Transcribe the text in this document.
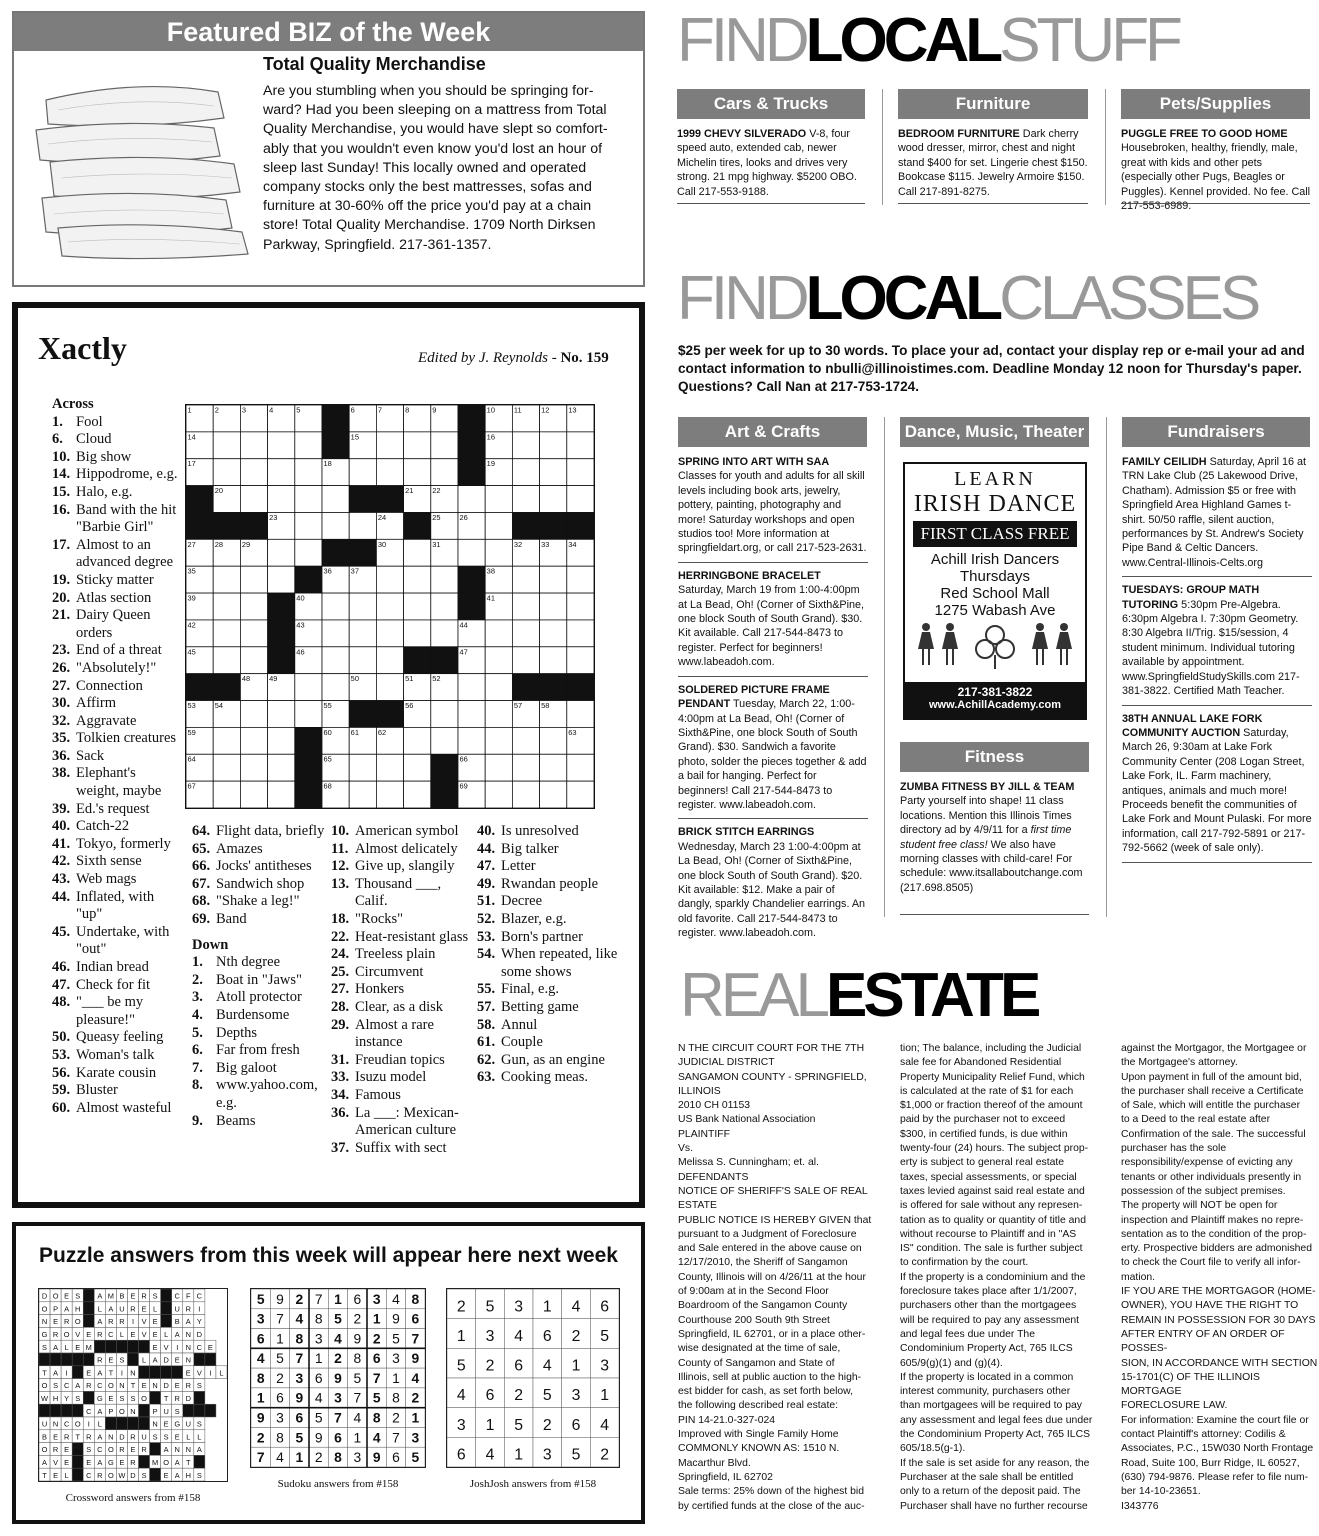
Featured BIZ of the Week
Total Quality Merchandise
Are you stumbling when you should be springing for-ward? Had you been sleeping on a mattress from Total Quality Merchandise, you would have slept so comfort-ably that you wouldn't even know you'd lost an hour of sleep last Sunday! This locally owned and operated company stocks only the best mattresses, sofas and furniture at 30-60% off the price you'd pay at a chain store! Total Quality Merchandise. 1709 North Dirksen Parkway, Springfield. 217-361-1357.
Xactly	Edited by J. Reynolds - No. 159
Across
1. Fool
6. Cloud
10. Big show
14. Hippodrome, e.g.
15. Halo, e.g.
16. Band with the hit "Barbie Girl"
17. Almost to an advanced degree
19. Sticky matter
20. Atlas section
21. Dairy Queen orders
23. End of a threat
26. "Absolutely!"
27. Connection
30. Affirm
32. Aggravate
35. Tolkien creatures
36. Sack
38. Elephant's weight, maybe
39. Ed.'s request
40. Catch-22
41. Tokyo, formerly
42. Sixth sense
43. Web mags
44. Inflated, with "up"
45. Undertake, with "out"
46. Indian bread
47. Check for fit
48. "___ be my pleasure!"
50. Queasy feeling
53. Woman's talk
56. Karate cousin
59. Bluster
60. Almost wasteful
64. Flight data, briefly
65. Amazes
66. Jocks' antitheses
67. Sandwich shop
68. "Shake a leg!"
69. Band
Down
1. Nth degree
2. Boat in "Jaws"
3. Atoll protector
4. Burdensome
5. Depths
6. Far from fresh
7. Big galoot
8. www.yahoo.com, e.g.
9. Beams
10. American symbol
11. Almost delicately
12. Give up, slangily
13. Thousand ___, Calif.
18. "Rocks"
22. Heat-resistant glass
24. Treeless plain
25. Circumvent
27. Honkers
28. Clear, as a disk
29. Almost a rare instance
31. Freudian topics
33. Isuzu model
34. Famous
36. La ___: Mexican-American culture
37. Suffix with sect
40. Is unresolved
44. Big talker
47. Letter
49. Rwandan people
51. Decree
52. Blazer, e.g.
53. Born's partner
54. When repeated, like some shows
55. Final, e.g.
57. Betting game
58. Annul
61. Couple
62. Gun, as an engine
63. Cooking meas.
1	2	3	4	5	6	7	8	9	10	11	12	13
14	15	16
17	18	19
20	21	22
23	24	25	26
27	28	29	30	31	32	33	34
35	36	37	38
39	40	41
42	43	44
45	46	47
48	49	50	51	52
53	54	55	56	57	58
59	60	61	62	63
64	65	66
67	68	69
Puzzle answers from this week will appear here next week
D O E S A M B E R S C F C
O P A H L A U R E L U R I
N E R O A R R I V E B A Y
G R O V E R C L E V E L A N D
S A L E M	E V I N C E
R E S L A D E N
T A I E A T I N	E V I L
O S C A R C O N T E N D E R S
W H Y S G E S S O T R D
C A P O N P U S
U N C O I L	N E G U S
B E R T R A N D R U S S E L L
O R E S C O R E R A N N A
A V E E A G E R M O A T
T E L C R O W D S E A H S
Crossword answers from #158
5 9 2 7 1 6 3 4 8
3 7 4 8 5 2 1 9 6
6 1 8 3 4 9 2 5 7
4 5 7 1 2 8 6 3 9
8 2 3 6 9 5 7 1 4
1 6 9 4 3 7 5 8 2
9 3 6 5 7 4 8 2 1
2 8 5 9 6 1 4 7 3
7 4 1 2 8 3 9 6 5
Sudoku answers from #158
2 5 3 1 4 6
1 3 4 6 2 5
5 2 6 4 1 3
4 6 2 5 3 1
3 1 5 2 6 4
6 4 1 3 5 2
JoshJosh answers from #158
FINDLOCALSTUFF
Cars & Trucks
1999 CHEVY SILVERADO V-8, four speed auto, extended cab, newer Michelin tires, looks and drives very strong. 21 mpg highway. $5200 OBO. Call 217-553-9188.
Furniture
BEDROOM FURNITURE Dark cherry wood dresser, mirror, chest and night stand $400 for set. Lingerie chest $150. Bookcase $115. Jewelry Armoire $150. Call 217-891-8275.
Pets/Supplies
PUGGLE FREE TO GOOD HOME Housebroken, healthy, friendly, male, great with kids and other pets (especially other Pugs, Beagles or Puggles). Kennel provided. No fee. Call 217-553-6989.
FINDLOCALCLASSES
$25 per week for up to 30 words. To place your ad, contact your display rep or e-mail your ad and contact information to nbulli@illinoistimes.com. Deadline Monday 12 noon for Thursday's paper. Questions? Call Nan at 217-753-1724.
Art & Crafts
SPRING INTO ART WITH SAA Classes for youth and adults for all skill levels including book arts, jewelry, pottery, painting, photography and more! Saturday workshops and open studios too! More information at springfieldart.org, or call 217-523-2631.
HERRINGBONE BRACELET Saturday, March 19 from 1:00-4:00pm at La Bead, Oh! (Corner of Sixth&Pine, one block South of South Grand). $30. Kit available. Call 217-544-8473 to register. Perfect for beginners! www.labeadoh.com.
SOLDERED PICTURE FRAME PENDANT Tuesday, March 22, 1:00-4:00pm at La Bead, Oh! (Corner of Sixth&Pine, one block South of South Grand). $30. Sandwich a favorite photo, solder the pieces together & add a bail for hanging. Perfect for beginners! Call 217-544-8473 to register. www.labeadoh.com.
BRICK STITCH EARRINGS Wednesday, March 23 1:00-4:00pm at La Bead, Oh! (Corner of Sixth&Pine, one block South of South Grand). $20. Kit available: $12. Make a pair of dangly, sparkly Chandelier earrings. An old favorite. Call 217-544-8473 to register. www.labeadoh.com.
Dance, Music, Theater
LEARN
IRISH DANCE
FIRST CLASS FREE
Achill Irish Dancers
Thursdays
Red School Mall
1275 Wabash Ave
217-381-3822
www.AchillAcademy.com
Fitness
ZUMBA FITNESS BY JILL & TEAM Party yourself into shape! 11 class locations. Mention this Illinois Times directory ad by 4/9/11 for a first time student free class! We also have morning classes with child-care! For schedule: www.itsallaboutchange.com (217.698.8505)
Fundraisers
FAMILY CEILIDH Saturday, April 16 at TRN Lake Club (25 Lakewood Drive, Chatham). Admission $5 or free with Springfield Area Highland Games t-shirt. 50/50 raffle, silent auction, performances by St. Andrew's Society Pipe Band & Celtic Dancers. www.Central-Illinois-Celts.org
TUESDAYS: GROUP MATH TUTORING 5:30pm Pre-Algebra. 6:30pm Algebra I. 7:30pm Geometry. 8:30 Algebra II/Trig. $15/session, 4 student minimum. Individual tutoring available by appointment. www.SpringfieldStudySkills.com 217-381-3822. Certified Math Teacher.
38TH ANNUAL LAKE FORK COMMUNITY AUCTION Saturday, March 26, 9:30am at Lake Fork Community Center (208 Logan Street, Lake Fork, IL. Farm machinery, antiques, animals and much more! Proceeds benefit the communities of Lake Fork and Mount Pulaski. For more information, call 217-792-5891 or 217-792-5662 (week of sale only).
REALESTATE
N THE CIRCUIT COURT FOR THE 7TH
JUDICIAL DISTRICT
SANGAMON COUNTY - SPRINGFIELD,
ILLINOIS
2010 CH 01153
US Bank National Association
PLAINTIFF
Vs.
Melissa S. Cunningham; et. al.
DEFENDANTS
NOTICE OF SHERIFF'S SALE OF REAL
ESTATE
PUBLIC NOTICE IS HEREBY GIVEN that
pursuant to a Judgment of Foreclosure
and Sale entered in the above cause on
12/17/2010, the Sheriff of Sangamon
County, Illinois will on 4/26/11 at the hour
of 9:00am at in the Second Floor
Boardroom of the Sangamon County
Courthouse 200 South 9th Street
Springfield, IL 62701, or in a place other-
wise designated at the time of sale,
County of Sangamon and State of
Illinois, sell at public auction to the high-
est bidder for cash, as set forth below,
the following described real estate:
PIN 14-21.0-327-024
Improved with Single Family Home
COMMONLY KNOWN AS: 1510 N.
Macarthur Blvd.
Springfield, IL 62702
Sale terms: 25% down of the highest bid
by certified funds at the close of the auc-
tion; The balance, including the Judicial
sale fee for Abandoned Residential
Property Municipality Relief Fund, which
is calculated at the rate of $1 for each
$1,000 or fraction thereof of the amount
paid by the purchaser not to exceed
$300, in certified funds, is due within
twenty-four (24) hours. The subject prop-
erty is subject to general real estate
taxes, special assessments, or special
taxes levied against said real estate and
is offered for sale without any represen-
tation as to quality or quantity of title and
without recourse to Plaintiff and in "AS
IS" condition. The sale is further subject
to confirmation by the court.
If the property is a condominium and the
foreclosure takes place after 1/1/2007,
purchasers other than the mortgagees
will be required to pay any assessment
and legal fees due under The
Condominium Property Act, 765 ILCS
605/9(g)(1) and (g)(4).
If the property is located in a common
interest community, purchasers other
than mortgagees will be required to pay
any assessment and legal fees due under
the Condominium Property Act, 765 ILCS
605/18.5(g-1).
If the sale is set aside for any reason, the
Purchaser at the sale shall be entitled
only to a return of the deposit paid. The
Purchaser shall have no further recourse
against the Mortgagor, the Mortgagee or
the Mortgagee's attorney.
Upon payment in full of the amount bid,
the purchaser shall receive a Certificate
of Sale, which will entitle the purchaser
to a Deed to the real estate after
Confirmation of the sale. The successful
purchaser has the sole
responsibility/expense of evicting any
tenants or other individuals presently in
possession of the subject premises.
The property will NOT be open for
inspection and Plaintiff makes no repre-
sentation as to the condition of the prop-
erty. Prospective bidders are admonished
to check the Court file to verify all infor-
mation.
IF YOU ARE THE MORTGAGOR (HOME-
OWNER), YOU HAVE THE RIGHT TO
REMAIN IN POSSESSION FOR 30 DAYS
AFTER ENTRY OF AN ORDER OF POSSES-
SION, IN ACCORDANCE WITH SECTION
15-1701(C) OF THE ILLINOIS MORTGAGE
FORECLOSURE LAW.
For information: Examine the court file or
contact Plaintiff's attorney: Codilis &
Associates, P.C., 15W030 North Frontage
Road, Suite 100, Burr Ridge, IL 60527,
(630) 794-9876. Please refer to file num-
ber 14-10-23651.
I343776
